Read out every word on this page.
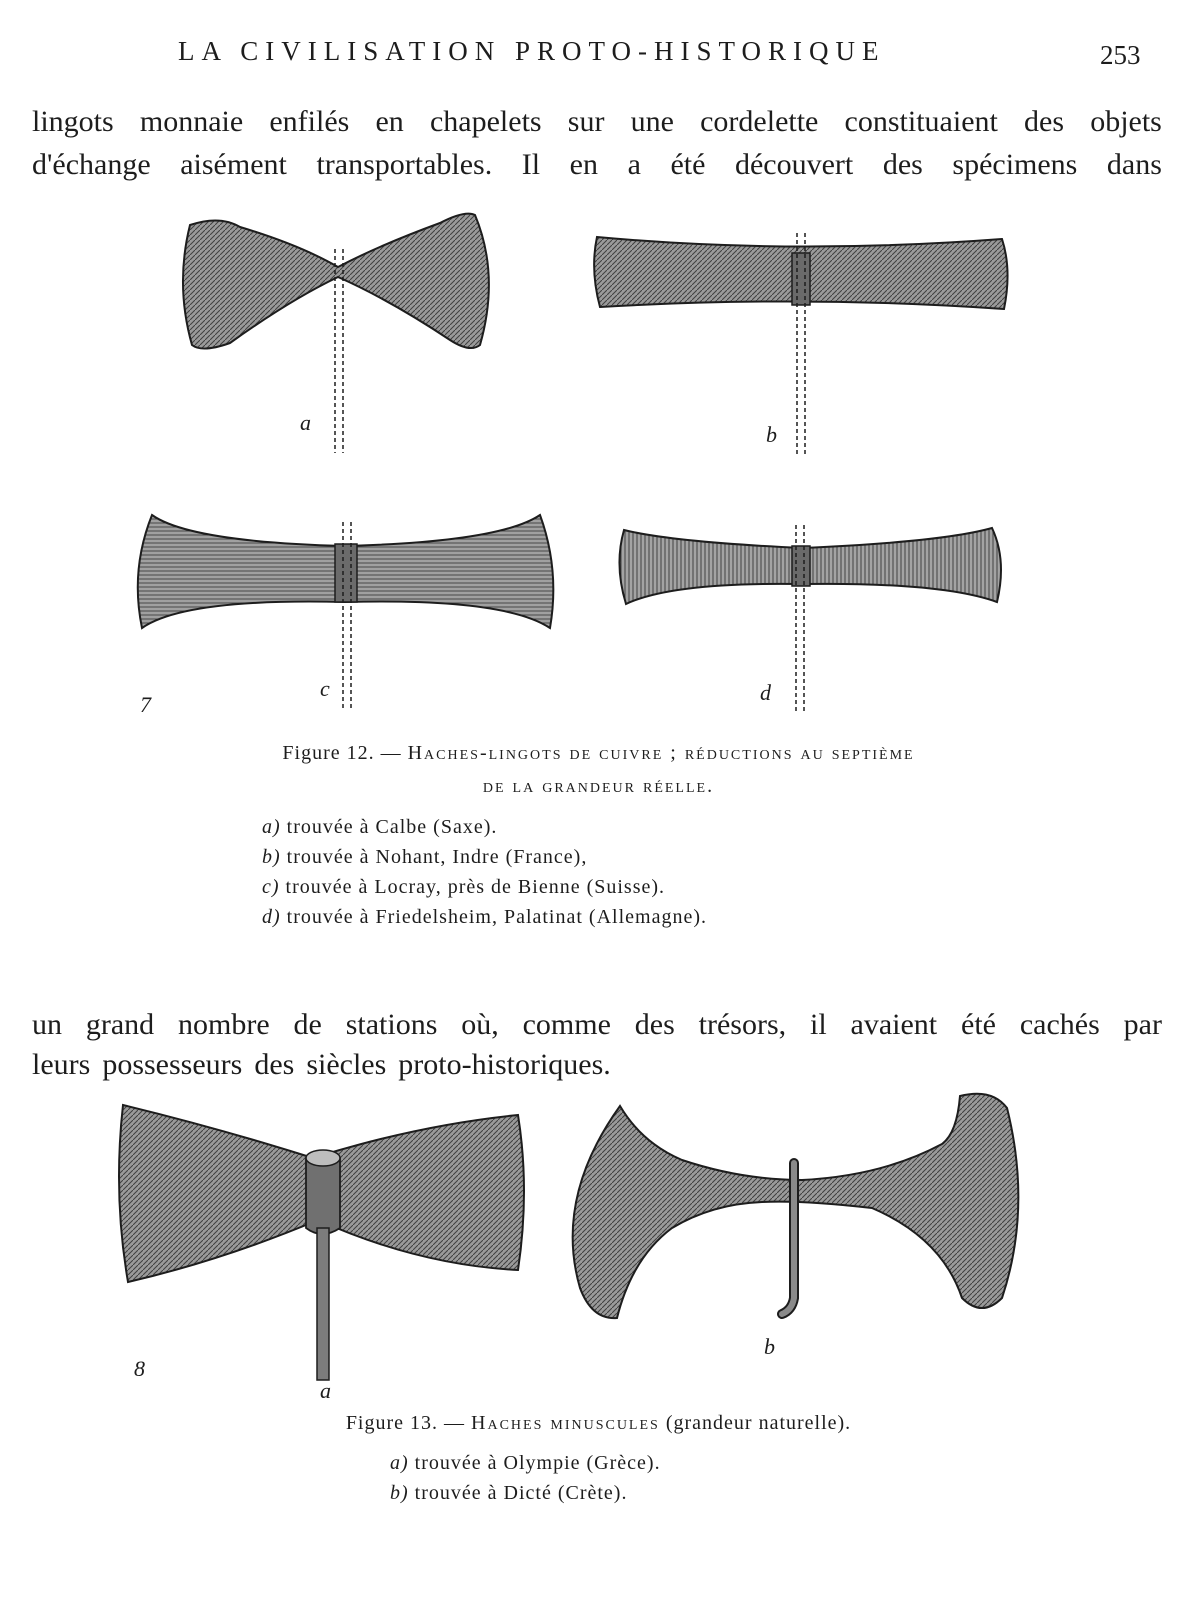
LA CIVILISATION PROTO-HISTORIQUE	253
lingots monnaie enfilés en chapelets sur une cordelette constituaient des objets
d'échange aisément transportables. Il en a été découvert des spécimens dans
a	b
c	d
7
Figure 12. — Haches-lingots de cuivre ; réductions au septième
de la grandeur réelle.
a) trouvée à Calbe (Saxe).
b) trouvée à Nohant, Indre (France),
c) trouvée à Locray, près de Bienne (Suisse).
d) trouvée à Friedelsheim, Palatinat (Allemagne).
un grand nombre de stations où, comme des trésors, il avaient été cachés par
leurs possesseurs des siècles proto-historiques.
a
b
8
Figure 13. — Haches minuscules (grandeur naturelle).
a) trouvée à Olympie (Grèce).
b) trouvée à Dicté (Crète).
